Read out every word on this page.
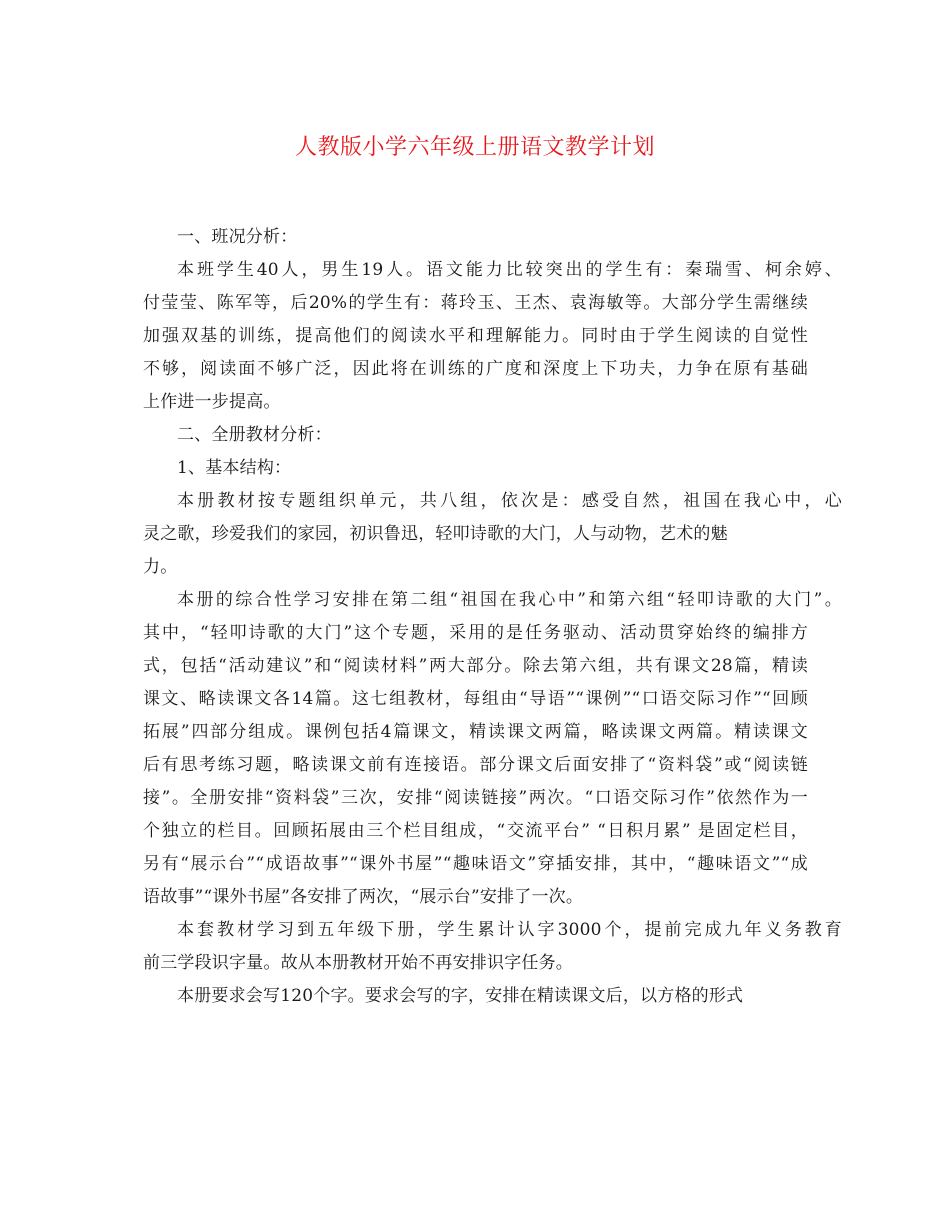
人教版小学六年级上册语文教学计划
一、班况分析：
本班学生40人，男生19人。语文能力比较突出的学生有：秦瑞雪、柯余婷、
付莹莹、陈军等，后20%的学生有：蒋玲玉、王杰、袁海敏等。大部分学生需继续
加强双基的训练，提高他们的阅读水平和理解能力。同时由于学生阅读的自觉性
不够，阅读面不够广泛，因此将在训练的广度和深度上下功夫，力争在原有基础
上作进一步提高。
二、全册教材分析：
1、基本结构：
本册教材按专题组织单元，共八组，依次是：感受自然，祖国在我心中，心
灵之歌，珍爱我们的家园，初识鲁迅，轻叩诗歌的大门，人与动物，艺术的魅
力。
本册的综合性学习安排在第二组“祖国在我心中”和第六组“轻叩诗歌的大门”。
其中，“轻叩诗歌的大门”这个专题，采用的是任务驱动、活动贯穿始终的编排方
式，包括“活动建议”和“阅读材料”两大部分。除去第六组，共有课文28篇，精读
课文、略读课文各14篇。这七组教材，每组由“导语”“课例”“口语交际习作”“回顾
拓展”四部分组成。课例包括4篇课文，精读课文两篇，略读课文两篇。精读课文
后有思考练习题，略读课文前有连接语。部分课文后面安排了“资料袋”或“阅读链
接”。全册安排“资料袋”三次，安排“阅读链接”两次。“口语交际习作”依然作为一
个独立的栏目。回顾拓展由三个栏目组成，“交流平台” “日积月累” 是固定栏目，
另有“展示台”“成语故事”“课外书屋”“趣味语文”穿插安排，其中，“趣味语文”“成
语故事”“课外书屋”各安排了两次，“展示台”安排了一次。
本套教材学习到五年级下册，学生累计认字3000个，提前完成九年义务教育
前三学段识字量。故从本册教材开始不再安排识字任务。
本册要求会写120个字。要求会写的字，安排在精读课文后，以方格的形式
